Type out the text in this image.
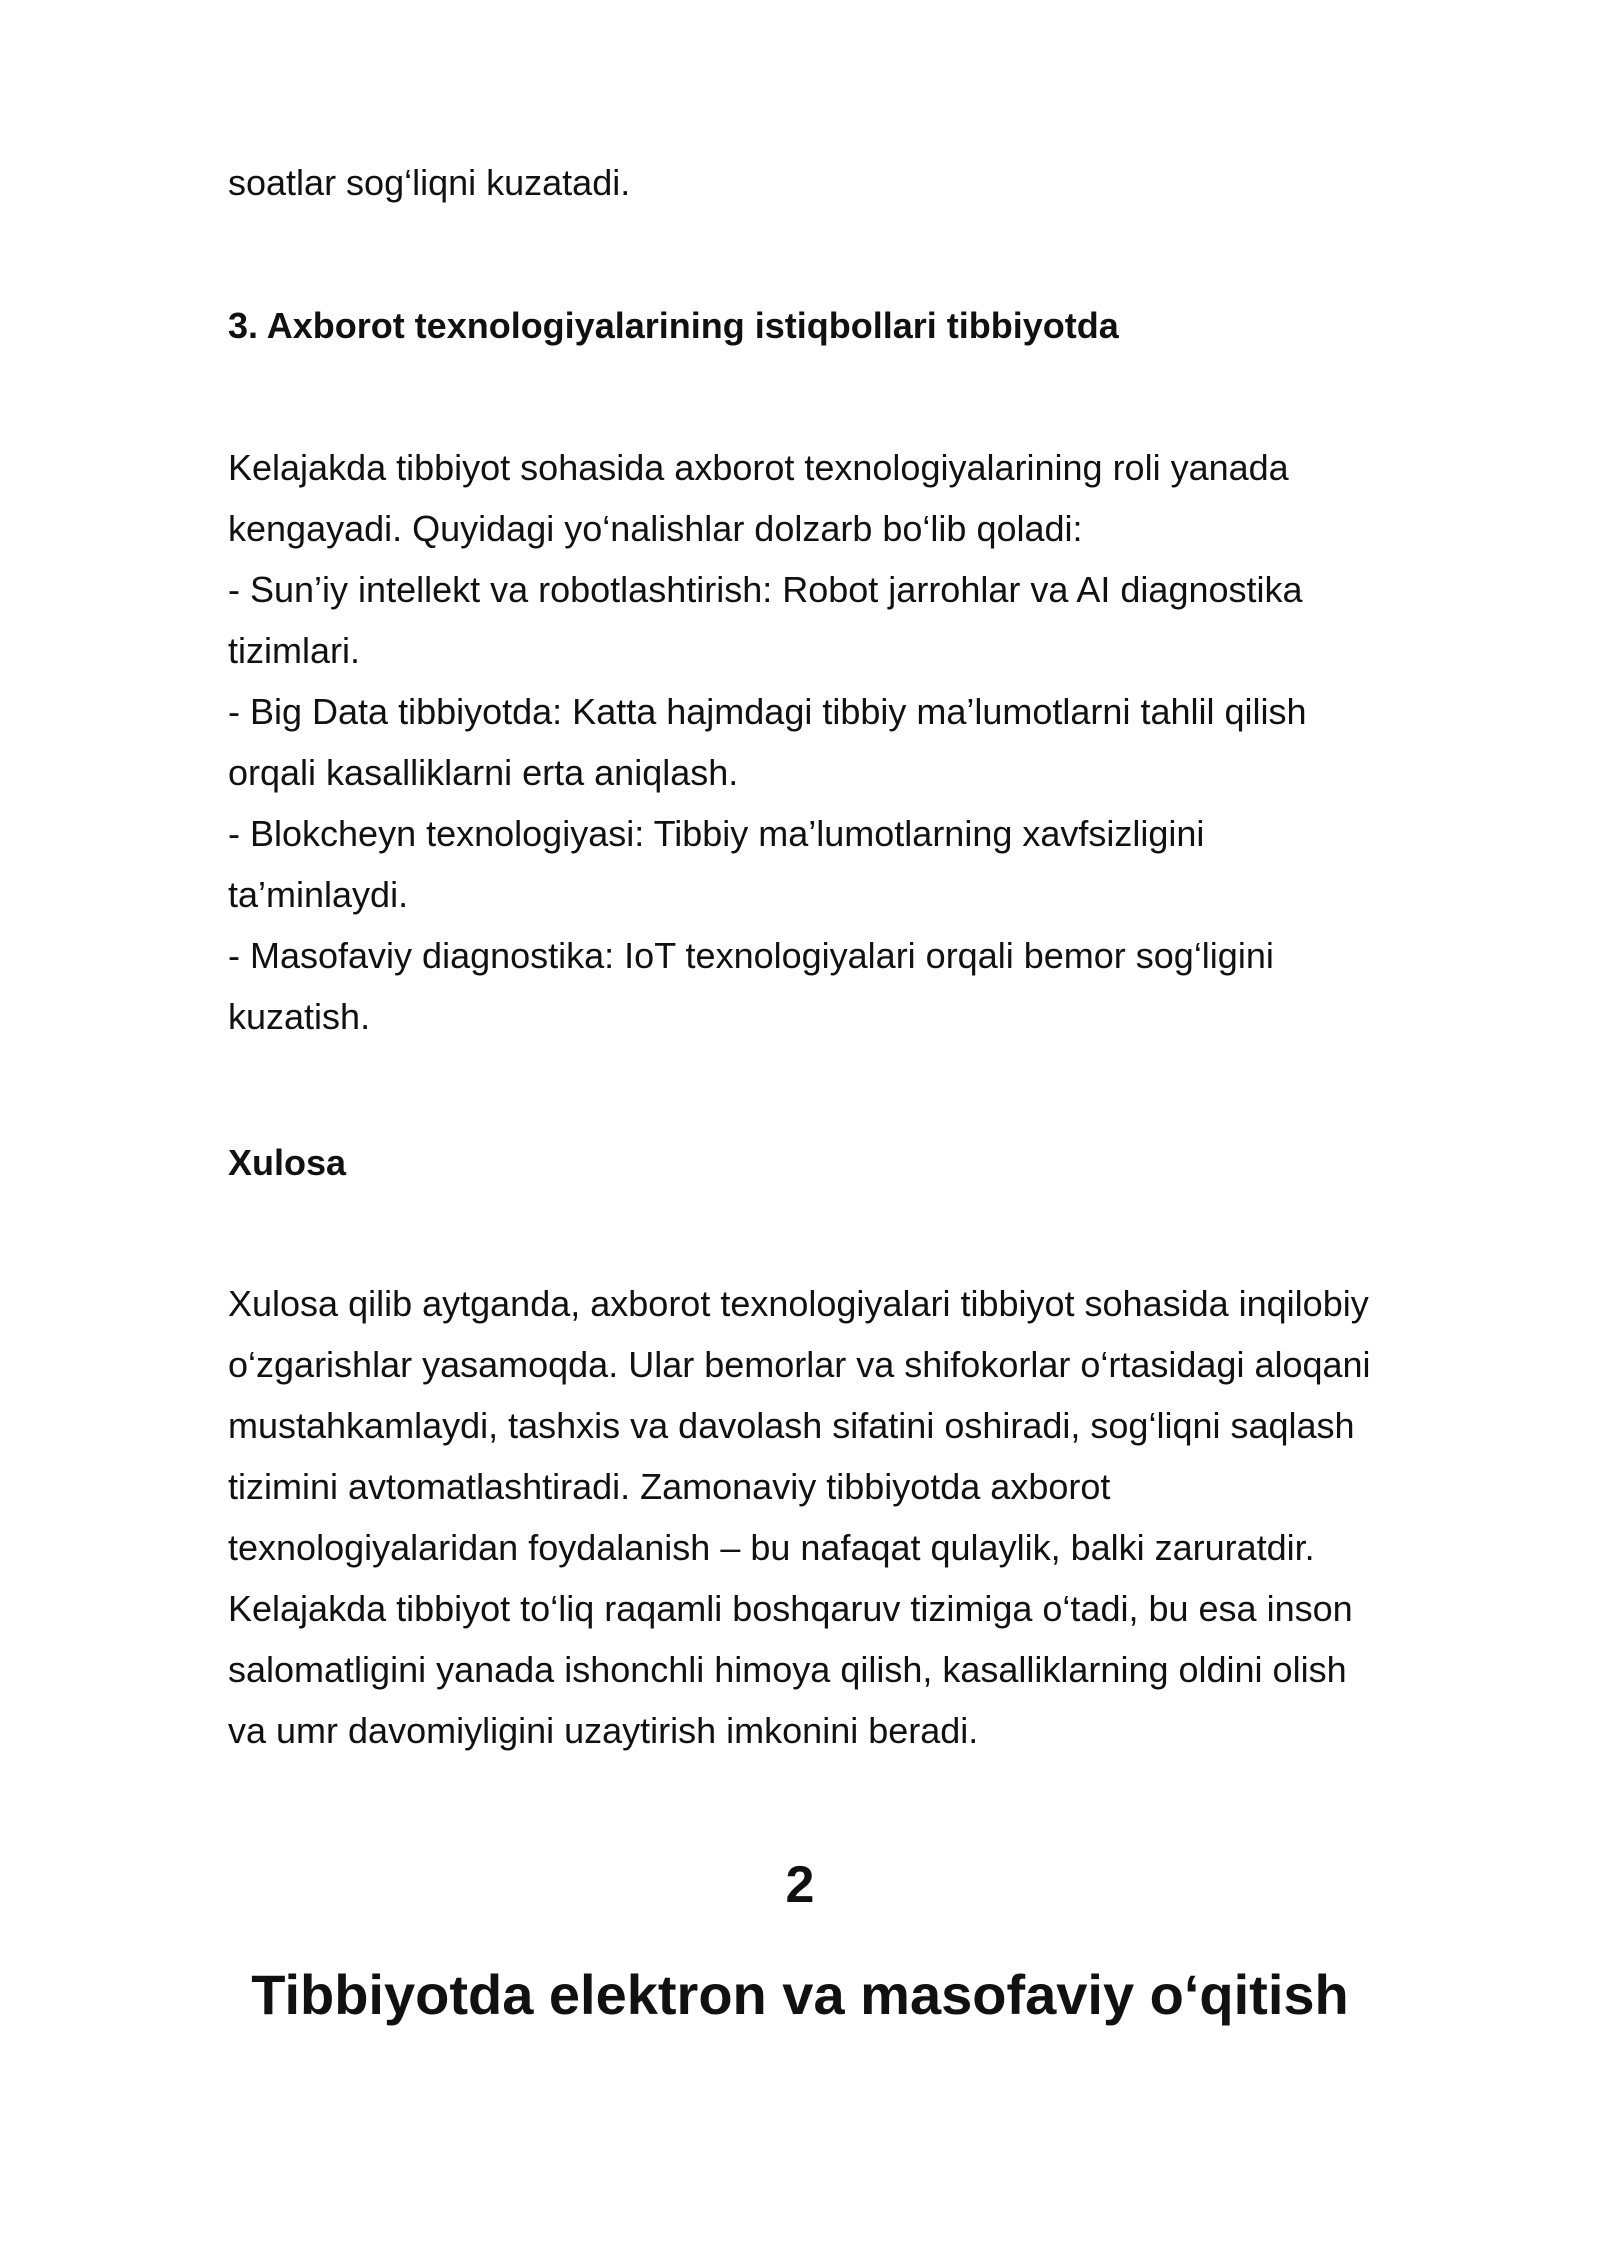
soatlar sog‘liqni kuzatadi.

3. Axborot texnologiyalarining istiqbollari tibbiyotda

Kelajakda tibbiyot sohasida axborot texnologiyalarining roli yanada
kengayadi. Quyidagi yo‘nalishlar dolzarb bo‘lib qoladi:
- Sun’iy intellekt va robotlashtirish: Robot jarrohlar va AI diagnostika
tizimlari.
- Big Data tibbiyotda: Katta hajmdagi tibbiy ma’lumotlarni tahlil qilish
orqali kasalliklarni erta aniqlash.
- Blokcheyn texnologiyasi: Tibbiy ma’lumotlarning xavfsizligini
ta’minlaydi.
- Masofaviy diagnostika: IoT texnologiyalari orqali bemor sog‘ligini
kuzatish.

Xulosa

Xulosa qilib aytganda, axborot texnologiyalari tibbiyot sohasida inqilobiy
o‘zgarishlar yasamoqda. Ular bemorlar va shifokorlar o‘rtasidagi aloqani
mustahkamlaydi, tashxis va davolash sifatini oshiradi, sog‘liqni saqlash
tizimini avtomatlashtiradi. Zamonaviy tibbiyotda axborot
texnologiyalaridan foydalanish – bu nafaqat qulaylik, balki zaruratdir.
Kelajakda tibbiyot to‘liq raqamli boshqaruv tizimiga o‘tadi, bu esa inson
salomatligini yanada ishonchli himoya qilish, kasalliklarning oldini olish
va umr davomiyligini uzaytirish imkonini beradi.

2
Tibbiyotda elektron va masofaviy o‘qitish
